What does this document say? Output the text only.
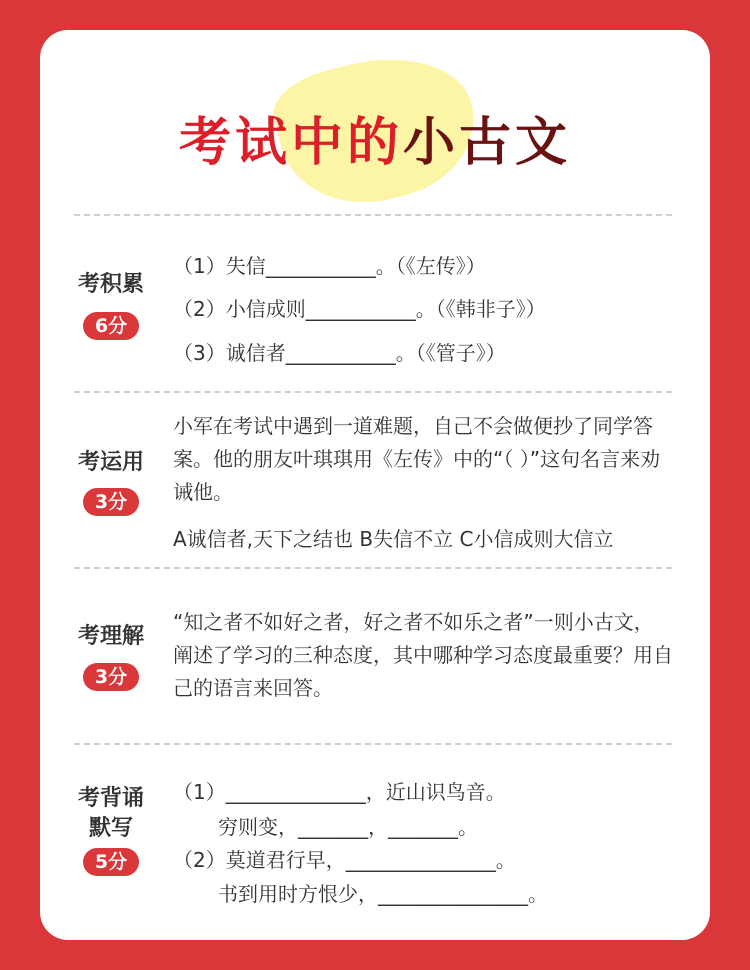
考试中的小古文
考积累
6分
（1）失信___________。（《左传》）
（2）小信成则___________。（《韩非子》）
（3）诚信者___________。（《管子》）
考运用
3分
小军在考试中遇到一道难题，自己不会做便抄了同学答案。他的朋友叶琪琪用《左传》中的“（ ）”这句名言来劝诫他。
A诚信者,天下之结也 B失信不立 C小信成则大信立
考理解
3分
“知之者不如好之者，好之者不如乐之者”一则小古文，阐述了学习的三种态度，其中哪种学习态度最重要？用自己的语言来回答。
考背诵
默写
5分
（1）______________，近山识鸟音。
穷则变，_______，_______。
（2）莫道君行早，_______________。
书到用时方恨少，_______________。
